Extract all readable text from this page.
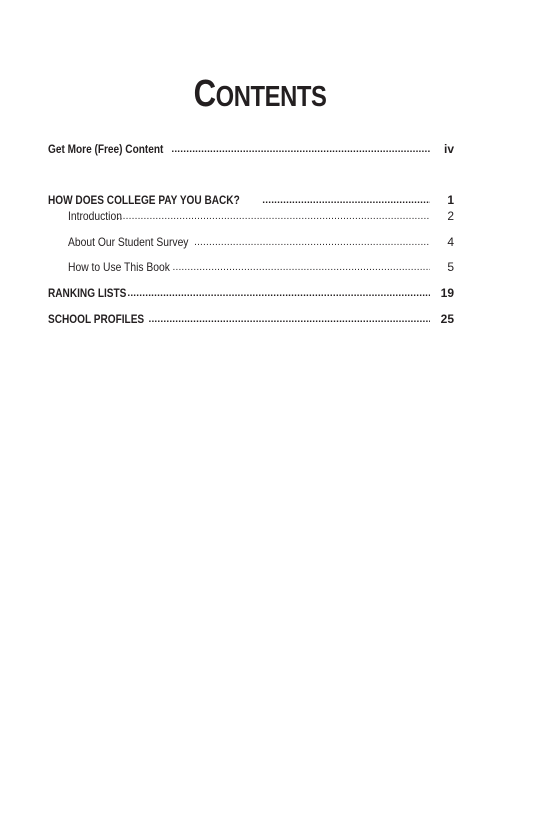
CONTENTS
Get More (Free) Content .....	iv
HOW DOES COLLEGE PAY YOU BACK? .....	1
Introduction .....	2
About Our Student Survey .....	4
How to Use This Book .....	5
RANKING LISTS .....	19
SCHOOL PROFILES .....	25
